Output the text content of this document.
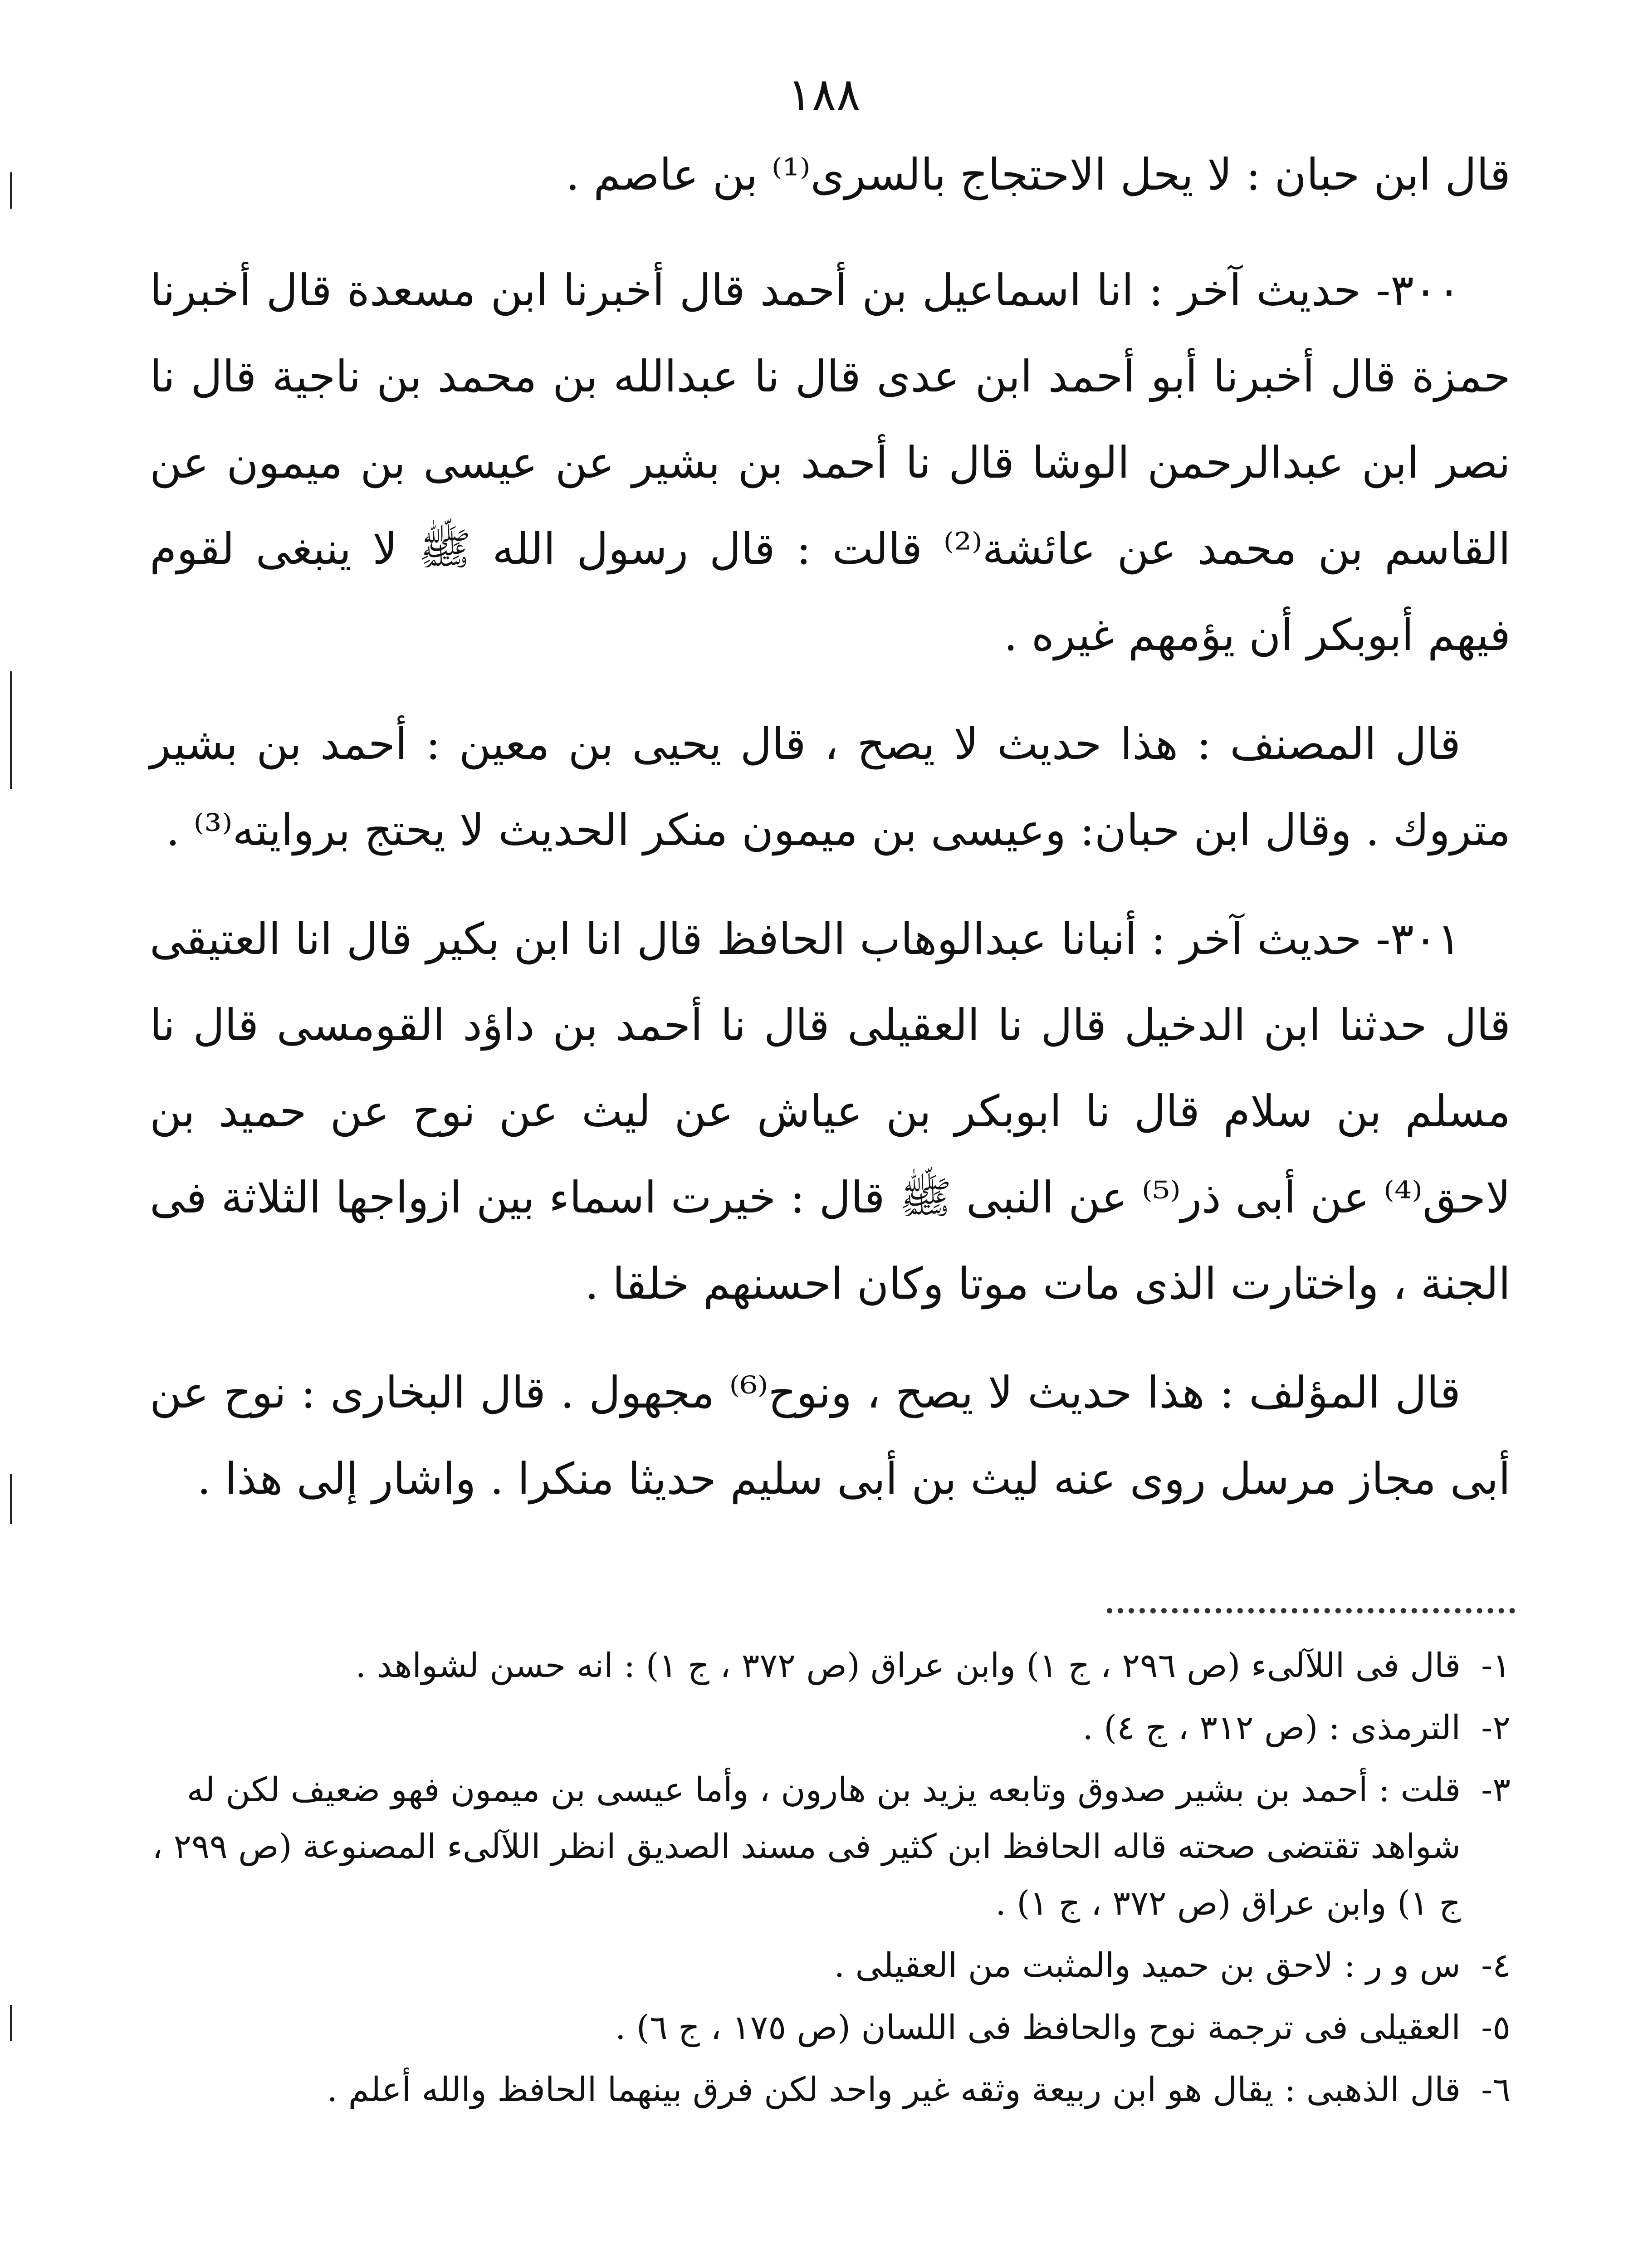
١٨٨

قال ابن حبان : لا يحل الاحتجاج بالسرى⁽¹⁾ بن عاصم .

٣٠٠- حديث آخر : انا اسماعيل بن أحمد قال أخبرنا ابن مسعدة قال أخبرنا حمزة قال أخبرنا أبو أحمد ابن عدى قال نا عبدالله بن محمد بن ناجية قال نا نصر ابن عبدالرحمن الوشا قال نا أحمد بن بشير عن عيسى بن ميمون عن القاسم بن محمد عن عائشة⁽²⁾ قالت : قال رسول الله ﷺ لا ينبغى لقوم فيهم أبوبكر أن يؤمهم غيره .

قال المصنف : هذا حديث لا يصح ، قال يحيى بن معين : أحمد بن بشير متروك . وقال ابن حبان: وعيسى بن ميمون منكر الحديث لا يحتج بروايته⁽³⁾ .

٣٠١- حديث آخر : أنبانا عبدالوهاب الحافظ قال انا ابن بكير قال انا العتيقى قال حدثنا ابن الدخيل قال نا العقيلى قال نا أحمد بن داؤد القومسى قال نا مسلم بن سلام قال نا ابوبكر بن عياش عن ليث عن نوح عن حميد بن لاحق⁽⁴⁾ عن أبى ذر⁽⁵⁾ عن النبى ﷺ قال : خيرت اسماء بين ازواجها الثلاثة فى الجنة ، واختارت الذى مات موتا وكان احسنهم خلقا .

قال المؤلف : هذا حديث لا يصح ، ونوح⁽⁶⁾ مجهول . قال البخارى : نوح عن أبى مجاز مرسل روى عنه ليث بن أبى سليم حديثا منكرا . واشار إلى هذا .

١-
قال فى اللآلىء (ص ٢٩٦ ، ج ١) وابن عراق (ص ٣٧٢ ، ج ١) : انه حسن لشواهد .
٢-
الترمذى : (ص ٣١٢ ، ج ٤) .
٣-
قلت : أحمد بن بشير صدوق وتابعه يزيد بن هارون ، وأما عيسى بن ميمون فهو ضعيف لكن له شواهد تقتضى صحته قاله الحافظ ابن كثير فى مسند الصديق انظر اللآلىء المصنوعة (ص ٢٩٩ ، ج ١) وابن عراق (ص ٣٧٢ ، ج ١) .
٤-
س و ر : لاحق بن حميد والمثبت من العقيلى .
٥-
العقيلى فى ترجمة نوح والحافظ فى اللسان (ص ١٧٥ ، ج ٦) .
٦-
قال الذهبى : يقال هو ابن ربيعة وثقه غير واحد لكن فرق بينهما الحافظ والله أعلم .
